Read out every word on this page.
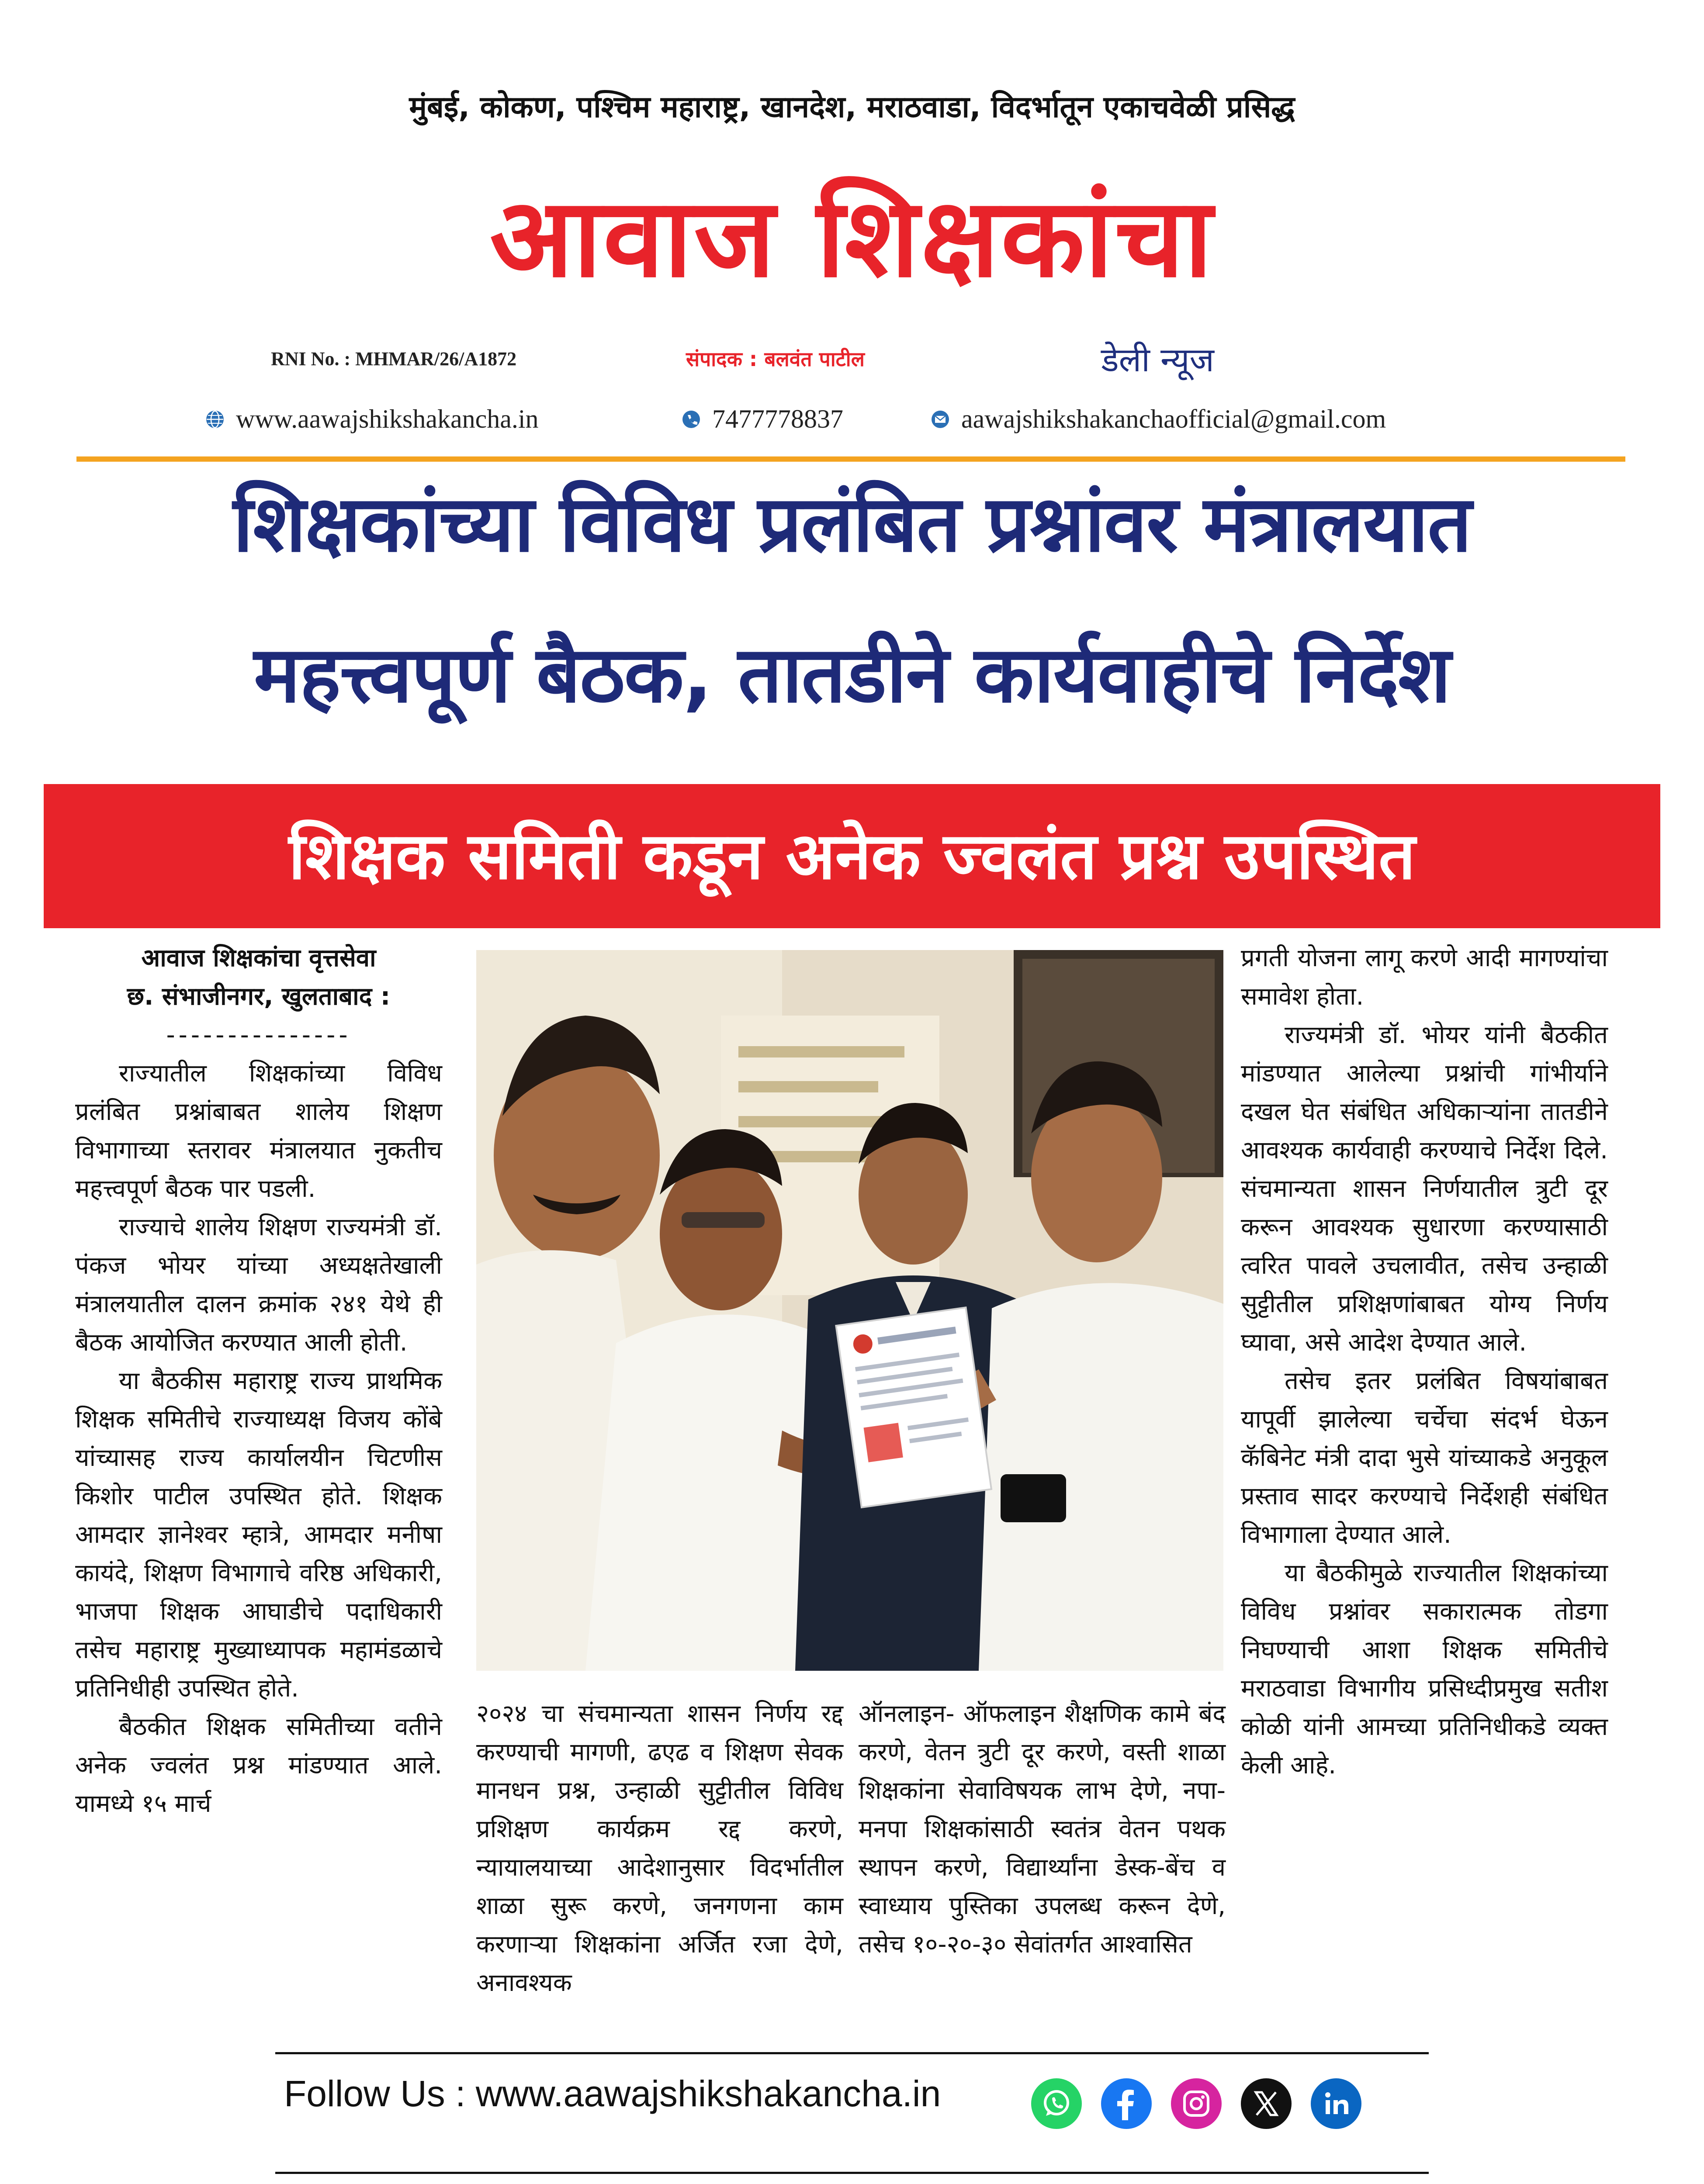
मुंबई, कोकण, पश्चिम महाराष्ट्र, खानदेश, मराठवाडा, विदर्भातून एकाचवेळी प्रसिद्ध
आवाज शिक्षकांचा
RNI No. : MHMAR/26/A1872	संपादक : बलवंत पाटील	डेली न्यूज
www.aawajshikshakancha.in	7477778837	aawajshikshakanchaofficial@gmail.com
शिक्षकांच्या विविध प्रलंबित प्रश्नांवर मंत्रालयात
महत्त्वपूर्ण बैठक, तातडीने कार्यवाहीचे निर्देश
शिक्षक समिती कडून अनेक ज्वलंत प्रश्न उपस्थित

आवाज शिक्षकांचा वृत्तसेवा

छ. संभाजीनगर, खुलताबाद :

---------------

राज्यातील शिक्षकांच्या विविध प्रलंबित प्रश्नांबाबत शालेय शिक्षण विभागाच्या स्तरावर मंत्रालयात नुकतीच महत्त्वपूर्ण बैठक पार पडली.

राज्याचे शालेय शिक्षण राज्यमंत्री डॉ. पंकज भोयर यांच्या अध्यक्षतेखाली मंत्रालयातील दालन क्रमांक २४१ येथे ही बैठक आयोजित करण्यात आली होती.

या बैठकीस महाराष्ट्र राज्य प्राथमिक शिक्षक समितीचे राज्याध्यक्ष विजय कोंबे यांच्यासह राज्य कार्यालयीन चिटणीस किशोर पाटील उपस्थित होते. शिक्षक आमदार ज्ञानेश्वर म्हात्रे, आमदार मनीषा कायंदे, शिक्षण विभागाचे वरिष्ठ अधिकारी, भाजपा शिक्षक आघाडीचे पदाधिकारी तसेच महाराष्ट्र मुख्याध्यापक महामंडळाचे प्रतिनिधीही उपस्थित होते.

बैठकीत शिक्षक समितीच्या वतीने अनेक ज्वलंत प्रश्न मांडण्यात आले. यामध्ये १५ मार्च

२०२४ चा संचमान्यता शासन निर्णय रद्द करण्याची मागणी, ढएढ व शिक्षण सेवक मानधन प्रश्न, उन्हाळी सुट्टीतील विविध प्रशिक्षण कार्यक्रम रद्द करणे, न्यायालयाच्या आदेशानुसार विदर्भातील शाळा सुरू करणे, जनगणना काम करणाऱ्या शिक्षकांना अर्जित रजा देणे, अनावश्यक

ऑनलाइन- ऑफलाइन शैक्षणिक कामे बंद करणे, वेतन त्रुटी दूर करणे, वस्ती शाळा शिक्षकांना सेवाविषयक लाभ देणे, नपा-मनपा शिक्षकांसाठी स्वतंत्र वेतन पथक स्थापन करणे, विद्यार्थ्यांना डेस्क-बेंच व स्वाध्याय पुस्तिका उपलब्ध करून देणे, तसेच १०-२०-३० सेवांतर्गत आश्वासित

प्रगती योजना लागू करणे आदी मागण्यांचा समावेश होता.

राज्यमंत्री डॉ. भोयर यांनी बैठकीत मांडण्यात आलेल्या प्रश्नांची गांभीर्याने दखल घेत संबंधित अधिकाऱ्यांना तातडीने आवश्यक कार्यवाही करण्याचे निर्देश दिले. संचमान्यता शासन निर्णयातील त्रुटी दूर करून आवश्यक सुधारणा करण्यासाठी त्वरित पावले उचलावीत, तसेच उन्हाळी सुट्टीतील प्रशिक्षणांबाबत योग्य निर्णय घ्यावा, असे आदेश देण्यात आले.

तसेच इतर प्रलंबित विषयांबाबत यापूर्वी झालेल्या चर्चेचा संदर्भ घेऊन कॅबिनेट मंत्री दादा भुसे यांच्याकडे अनुकूल प्रस्ताव सादर करण्याचे निर्देशही संबंधित विभागाला देण्यात आले.

या बैठकीमुळे राज्यातील शिक्षकांच्या विविध प्रश्नांवर सकारात्मक तोडगा निघण्याची आशा शिक्षक समितीचे मराठवाडा विभागीय प्रसिध्दीप्रमुख सतीश कोळी यांनी आमच्या प्रतिनिधीकडे व्यक्त केली आहे.

Follow Us : www.aawajshikshakancha.in
